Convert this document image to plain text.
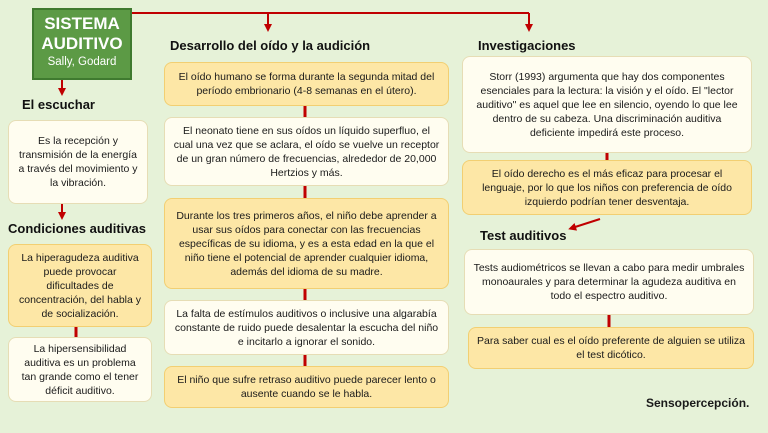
SISTEMA
AUDITIVO
Sally, Godard
El escuchar
Es la recepción y transmisión de la energía a través del movimiento y la vibración.
Condiciones auditivas
La hiperagudeza auditiva puede provocar dificultades de concentración, del habla y de socialización.
La hipersensibilidad auditiva es un problema tan grande como el tener déficit auditivo.
Desarrollo del oído y la audición
El oído humano se forma durante la segunda mitad del período embrionario (4-8 semanas en el útero).
El neonato tiene en sus oídos un líquido superfluo, el cual una vez que se aclara, el oído se vuelve un receptor de un gran número de frecuencias, alrededor de 20,000 Hertzios y más.
Durante los tres primeros años, el niño debe aprender a usar sus oídos para conectar con las frecuencias específicas de su idioma, y es a esta edad en la que el niño tiene el potencial de aprender cualquier idioma, además del idioma de su madre.
La falta de estímulos auditivos o inclusive una algarabía constante de ruido puede desalentar la escucha del niño e incitarlo a ignorar el sonido.
El niño que sufre retraso auditivo puede parecer lento o ausente cuando se le habla.
Investigaciones
Storr (1993) argumenta que hay dos componentes esenciales para la lectura: la visión y el oído. El "lector auditivo" es aquel que lee en silencio, oyendo lo que lee dentro de su cabeza. Una discriminación auditiva deficiente impedirá este proceso.
El oído derecho es el más eficaz para procesar el lenguaje, por lo que los niños con preferencia de oído izquierdo podrían tener desventaja.
Test auditivos
Tests audiométricos se llevan a cabo para medir umbrales monoaurales y para determinar la agudeza auditiva en todo el espectro auditivo.
Para saber cual es el oído preferente de alguien se utiliza el test dicótico.
Sensopercepción.
